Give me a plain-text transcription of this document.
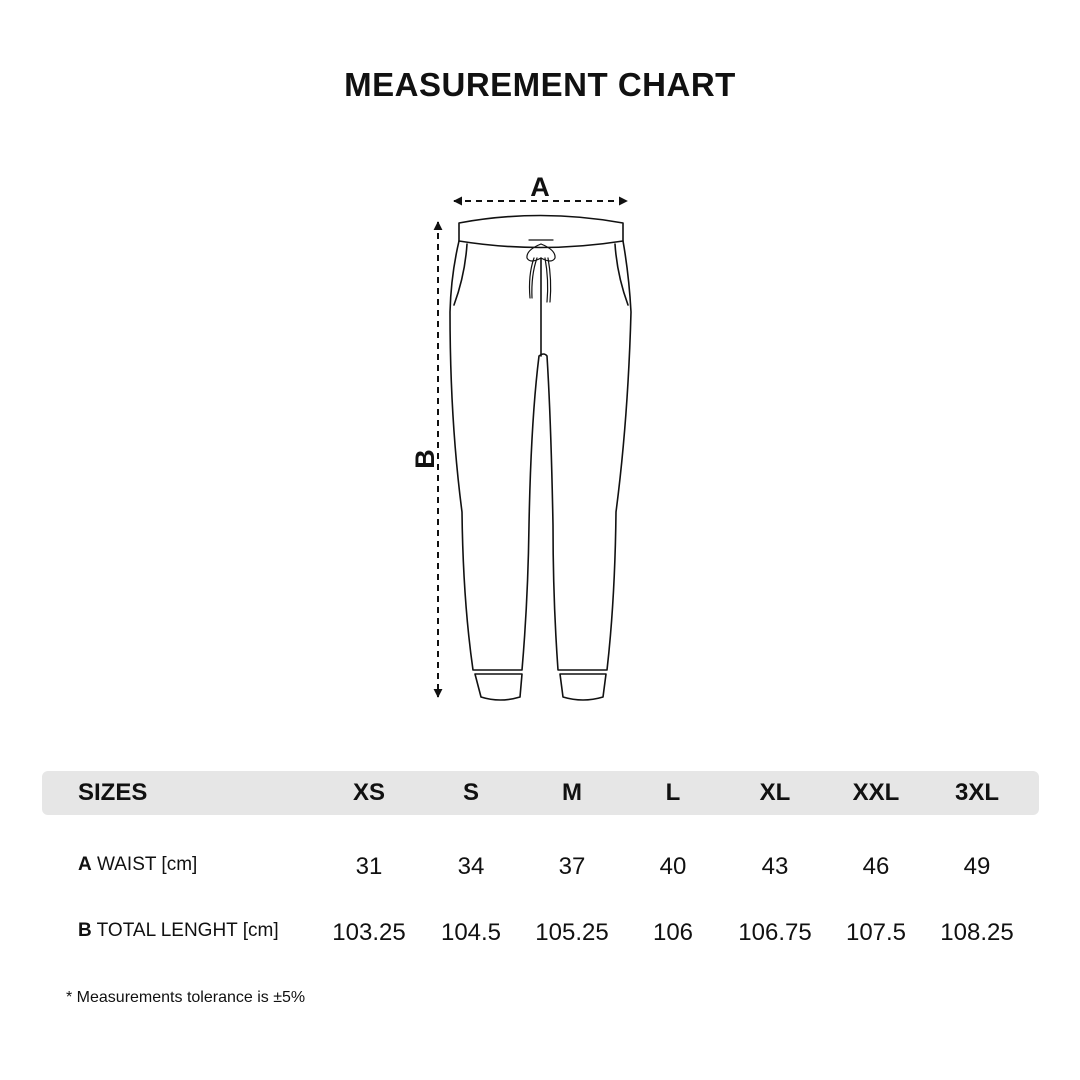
MEASUREMENT CHART
A
B
SIZES	XS	S	M	L	XL	XXL	3XL
A WAIST [cm]	31	34	37	40	43	46	49
B TOTAL LENGHT [cm]	103.25	104.5	105.25	106	106.75	107.5	108.25
* Measurements tolerance is ±5%
